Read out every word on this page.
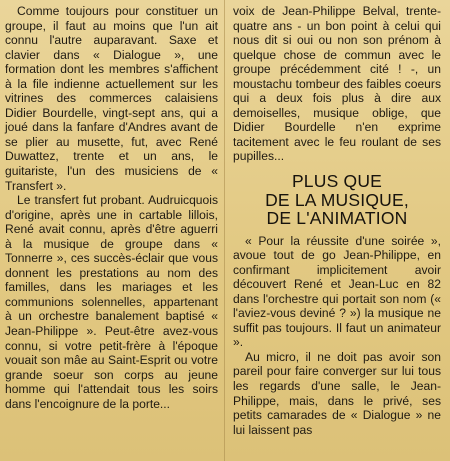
Comme toujours pour constituer un groupe, il faut au moins que l'un ait connu l'autre auparavant. Saxe et clavier dans « Dialogue », une formation dont les membres s'affichent à la file indienne actuellement sur les vitrines des commerces calaisiens Didier Bourdelle, vingt-sept ans, qui a joué dans la fanfare d'Andres avant de se plier au musette, fut, avec René Duwattez, trente et un ans, le guitariste, l'un des musiciens de « Transfert ».

Le transfert fut probant. Audruicquois d'origine, après une in cartable lillois, René avait connu, après d'être aguerri à la musique de groupe dans « Tonnerre », ces succès-éclair que vous donnent les prestations au nom des familles, dans les mariages et les communions solennelles, appartenant à un orchestre banalement baptisé « Jean-Philippe ». Peut-être avez-vous connu, si votre petit-frère à l'époque vouait son mâe au Saint-Esprit ou votre grande soeur son corps au jeune homme qui l'attendait tous les soirs dans l'encoignure de la porte...

voix de Jean-Philippe Belval, trente-quatre ans - un bon point à celui qui nous dit si oui ou non son prénom à quelque chose de commun avec le groupe précédemment cité ! -, un moustachu tombeur des faibles coeurs qui a deux fois plus à dire aux demoiselles, musique oblige, que Didier Bourdelle n'en exprime tacitement avec le feu roulant de ses pupilles...

PLUS QUE
DE LA MUSIQUE,
DE L'ANIMATION

« Pour la réussite d'une soirée », avoue tout de go Jean-Philippe, en confirmant implicitement avoir découvert René et Jean-Luc en 82 dans l'orchestre qui portait son nom (« l'aviez-vous deviné ? ») la musique ne suffit pas toujours. Il faut un animateur ».

Au micro, il ne doit pas avoir son pareil pour faire converger sur lui tous les regards d'une salle, le Jean-Philippe, mais, dans le privé, ses petits camarades de « Dialogue » ne lui laissent pas
